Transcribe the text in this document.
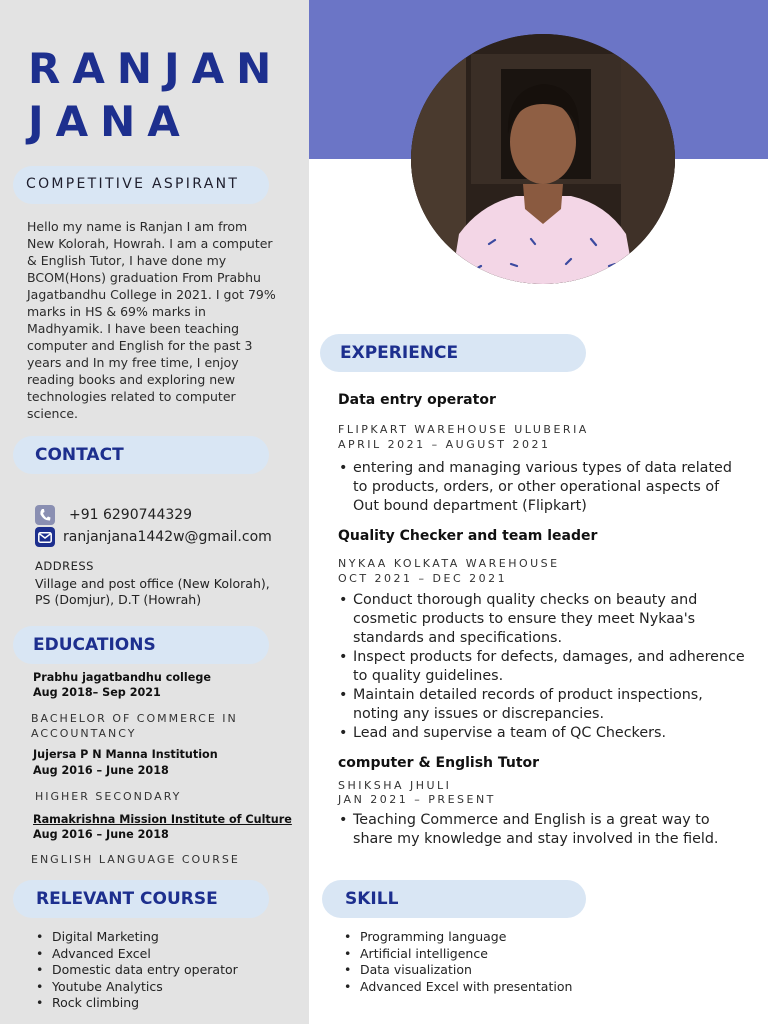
RANJAN
JANA
COMPETITIVE ASPIRANT
Hello my name is Ranjan I am from New Kolorah, Howrah. I am a computer & English Tutor, I have done my BCOM(Hons) graduation From Prabhu Jagatbandhu College in 2021. I got 79% marks in HS & 69% marks in Madhyamik. I have been teaching computer and English for the past 3 years and In my free time, I enjoy reading books and exploring new technologies related to computer science.
CONTACT
+91 6290744329
ranjanjana1442w@gmail.com
ADDRESS
Village and post office (New Kolorah), PS (Domjur), D.T (Howrah)
EDUCATIONS
Prabhu jagatbandhu college
Aug 2018– Sep 2021
BACHELOR OF COMMERCE IN ACCOUNTANCY
Jujersa P N Manna Institution
Aug 2016 – June 2018
HIGHER SECONDARY
Ramakrishna Mission Institute of Culture
Aug 2016 – June 2018
ENGLISH LANGUAGE COURSE
RELEVANT COURSE
• Digital Marketing
• Advanced Excel
• Domestic data entry operator
• Youtube Analytics
• Rock climbing
EXPERIENCE
Data entry operator
FLIPKART WAREHOUSE ULUBERIA
APRIL 2021 – AUGUST 2021
• entering and managing various types of data related to products, orders, or other operational aspects of Out bound department (Flipkart)
Quality Checker and team leader
NYKAA KOLKATA WAREHOUSE
OCT 2021 – DEC 2021
• Conduct thorough quality checks on beauty and cosmetic products to ensure they meet Nykaa's standards and specifications.
• Inspect products for defects, damages, and adherence to quality guidelines.
• Maintain detailed records of product inspections, noting any issues or discrepancies.
• Lead and supervise a team of QC Checkers.
computer & English Tutor
SHIKSHA JHULI
JAN 2021 – PRESENT
• Teaching Commerce and English is a great way to share my knowledge and stay involved in the field.
SKILL
• Programming language
• Artificial intelligence
• Data visualization
• Advanced Excel with presentation
